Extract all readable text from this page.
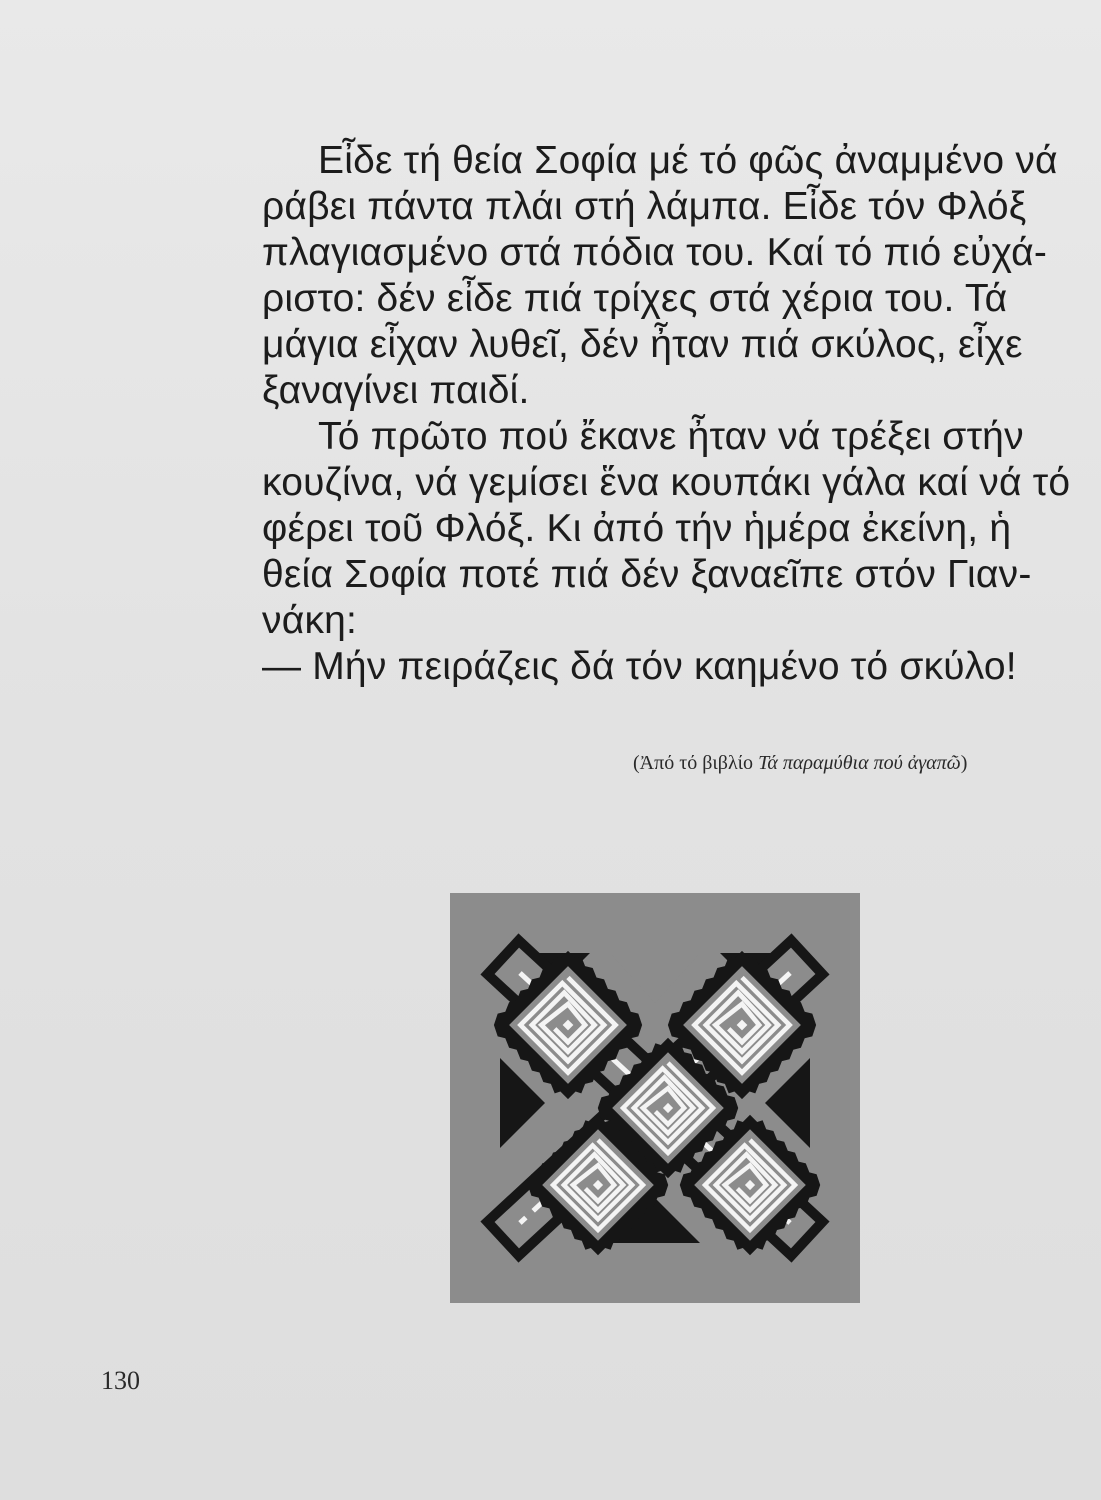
Εἶδε τή θεία Σοφία μέ τό φῶς ἀναμμένο νά
ράβει πάντα πλάι στή λάμπα. Εἶδε τόν Φλόξ
πλαγιασμένο στά πόδια του. Καί τό πιό εὐχά-
ριστο: δέν εἶδε πιά τρίχες στά χέρια του. Τά
μάγια εἶχαν λυθεῖ, δέν ἦταν πιά σκύλος, εἶχε
ξαναγίνει παιδί.
Τό πρῶτο πού ἔκανε ἦταν νά τρέξει στήν
κουζίνα, νά γεμίσει ἕνα κουπάκι γάλα καί νά τό
φέρει τοῦ Φλόξ. Κι ἀπό τήν ἡμέρα ἐκείνη, ἡ
θεία Σοφία ποτέ πιά δέν ξαναεῖπε στόν Γιαν-
νάκη:
— Μήν πειράζεις δά τόν καημένο τό σκύλο!
(Ἀπό τό βιβλίο Τά παραμύθια πού ἀγαπῶ)
130
